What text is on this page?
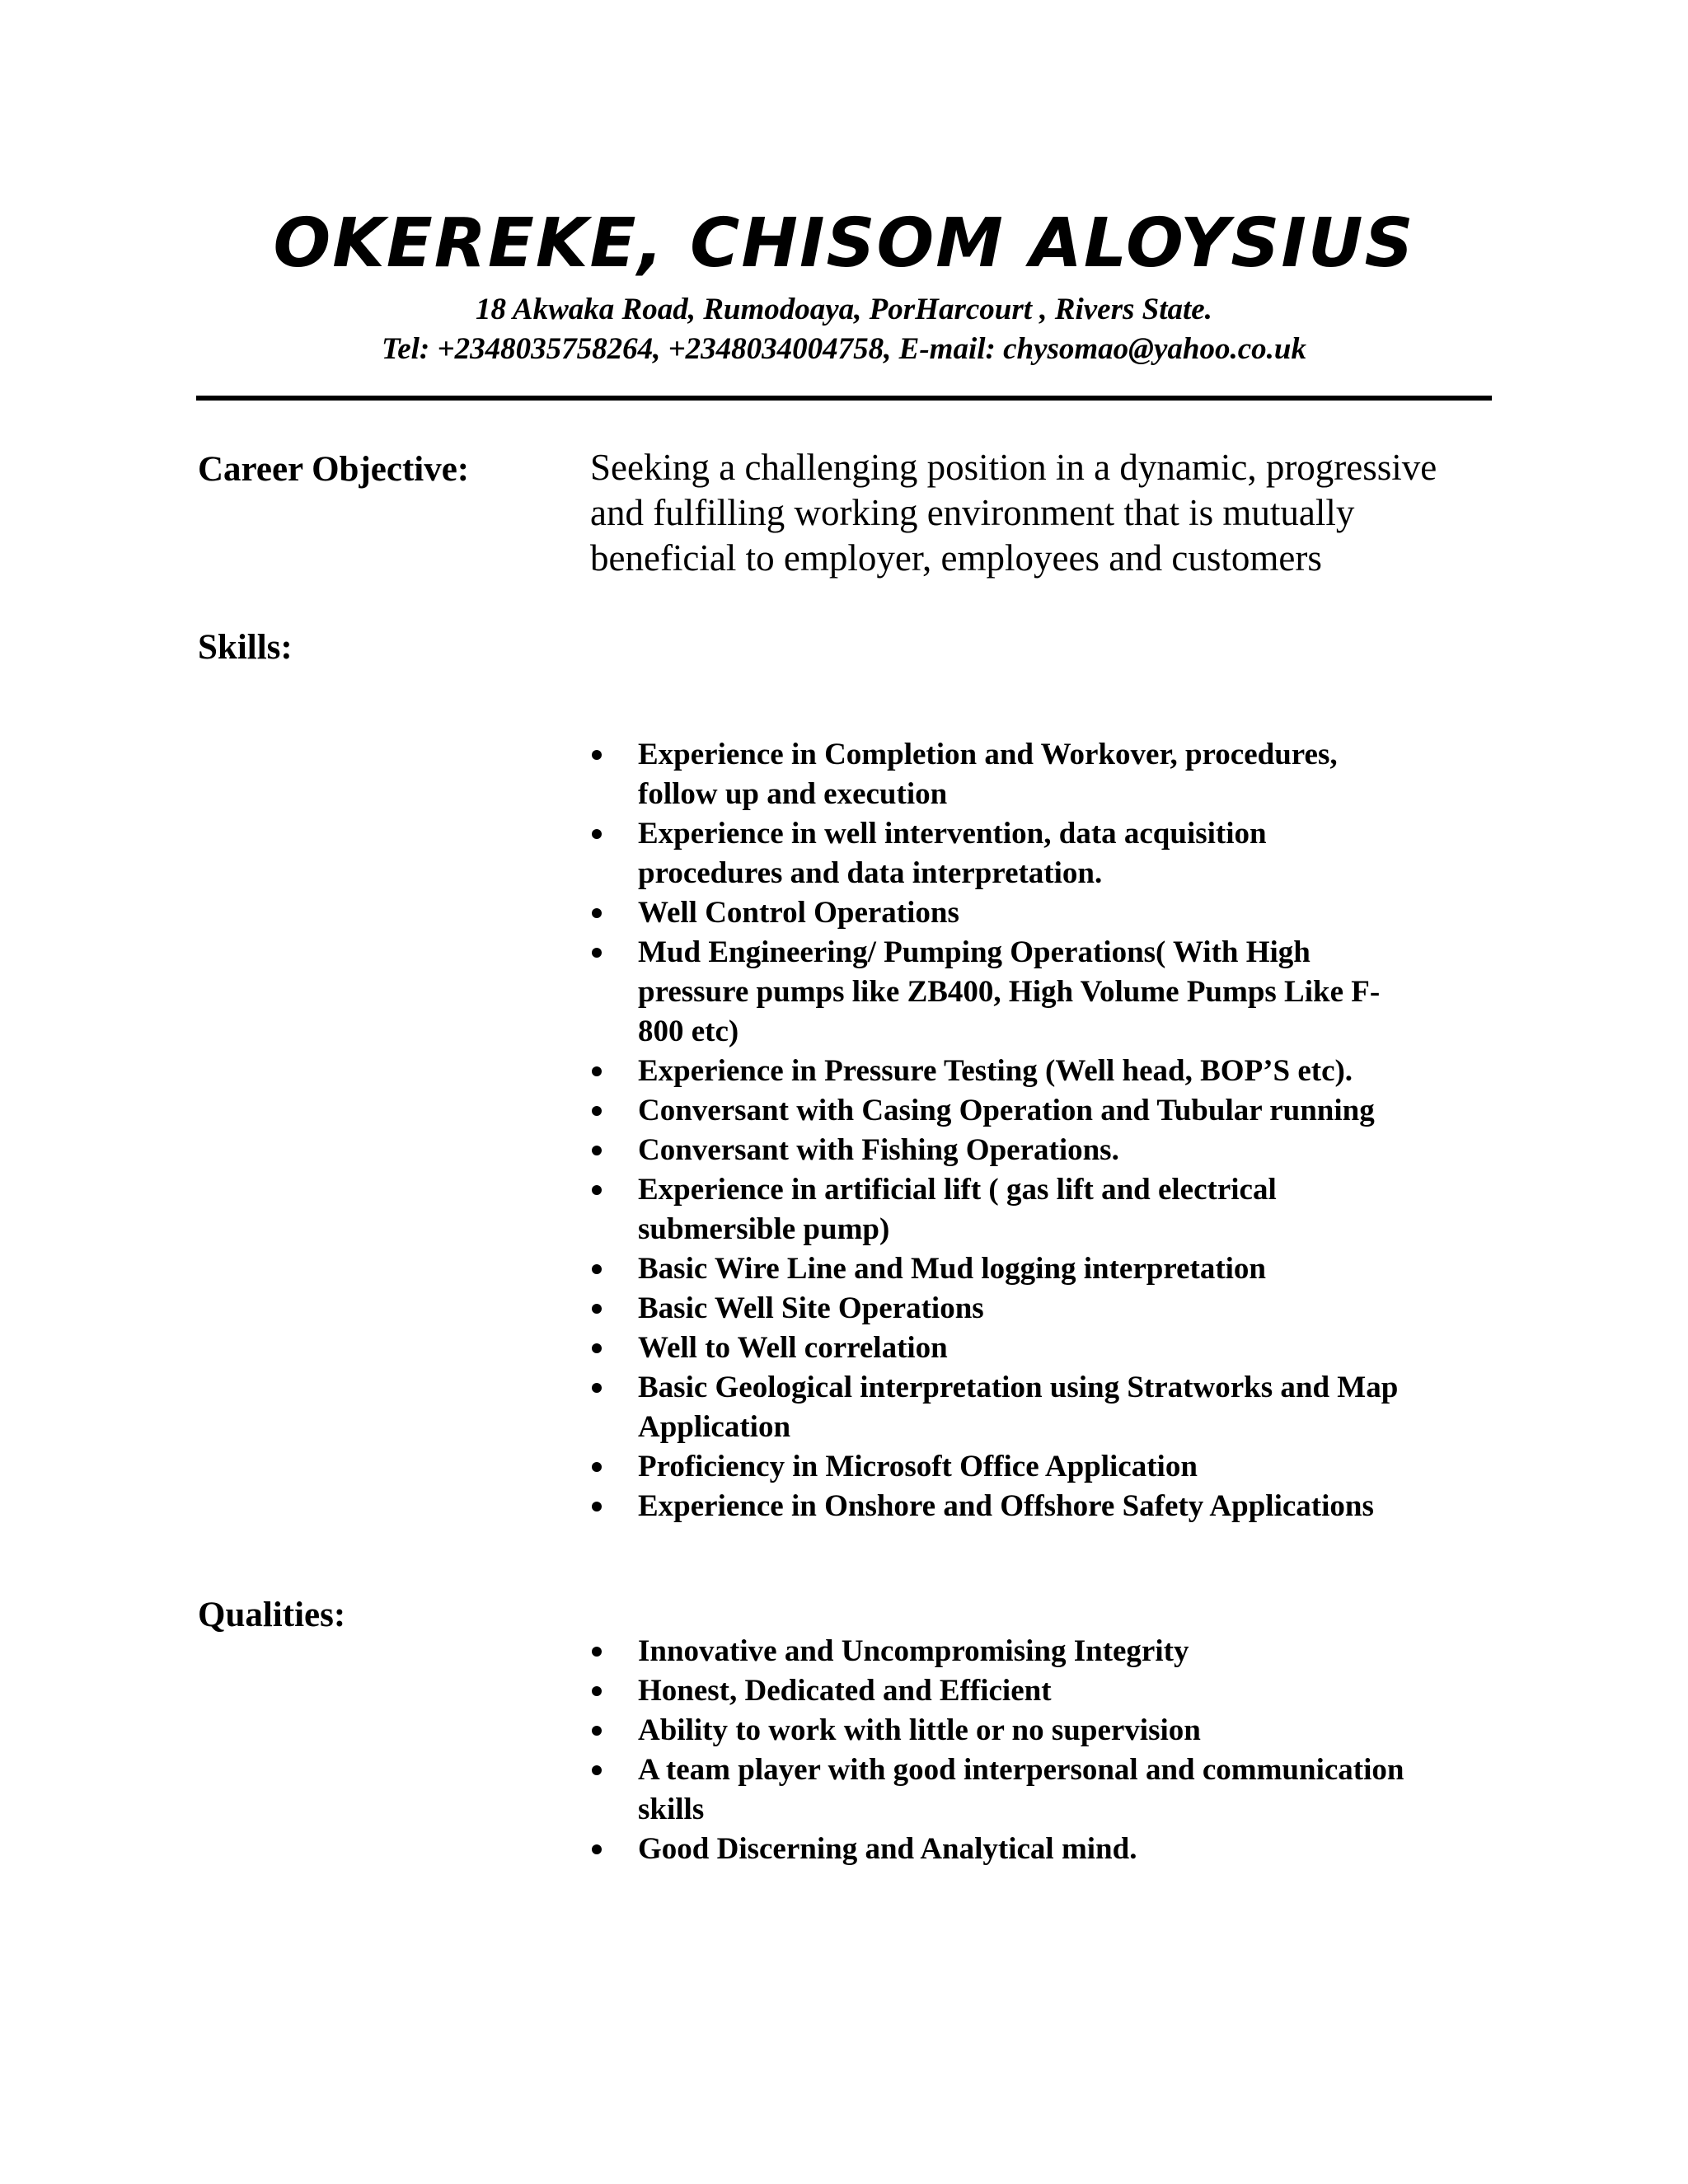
OKEREKE, CHISOM ALOYSIUS
18 Akwaka Road, Rumodoaya, PorHarcourt , Rivers State.
Tel: +2348035758264, +2348034004758, E-mail: chysomao@yahoo.co.uk
Career Objective:	Seeking a challenging position in a dynamic, progressive
and fulfilling working environment that is mutually
beneficial to employer, employees and customers
Skills:
Experience in Completion and Workover, procedures,
follow up and execution
Experience in well intervention, data acquisition
procedures and data interpretation.
Well Control Operations
Mud Engineering/ Pumping Operations( With High
pressure pumps like ZB400, High Volume Pumps Like F-
800 etc)
Experience in Pressure Testing (Well head, BOP’S etc).
Conversant with Casing Operation and Tubular running
Conversant with Fishing Operations.
Experience in artificial lift ( gas lift and electrical
submersible pump)
Basic Wire Line and Mud logging interpretation
Basic Well Site Operations
Well to Well correlation
Basic Geological interpretation using Stratworks and Map
Application
Proficiency in Microsoft Office Application
Experience in Onshore and Offshore Safety Applications
Qualities:
Innovative and Uncompromising Integrity
Honest, Dedicated and Efficient
Ability to work with little or no supervision
A team player with good interpersonal and communication
skills
Good Discerning and Analytical mind.
